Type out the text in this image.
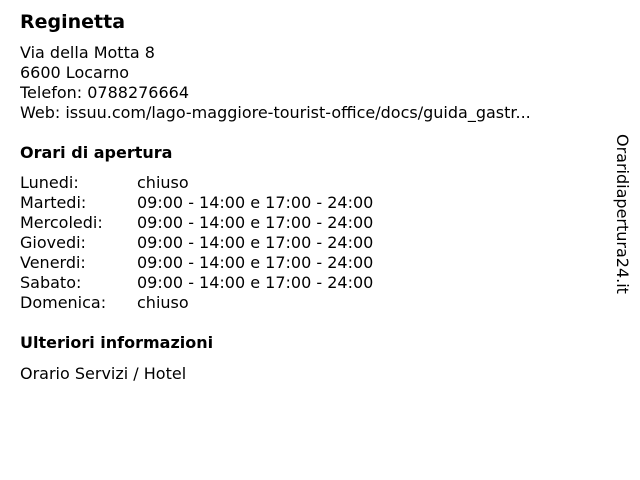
Reginetta
Via della Motta 8
6600 Locarno
Telefon: 0788276664
Web: issuu.com/lago-maggiore-tourist-office/docs/guida_gastr...
Orari di apertura
Lunedi:	chiuso
Martedi:	09:00 - 14:00 e 17:00 - 24:00
Mercoledi:	09:00 - 14:00 e 17:00 - 24:00
Giovedi:	09:00 - 14:00 e 17:00 - 24:00
Venerdi:	09:00 - 14:00 e 17:00 - 24:00
Sabato:	09:00 - 14:00 e 17:00 - 24:00
Domenica:	chiuso
Ulteriori informazioni
Orario Servizi / Hotel
Oraridiapertura24.it
